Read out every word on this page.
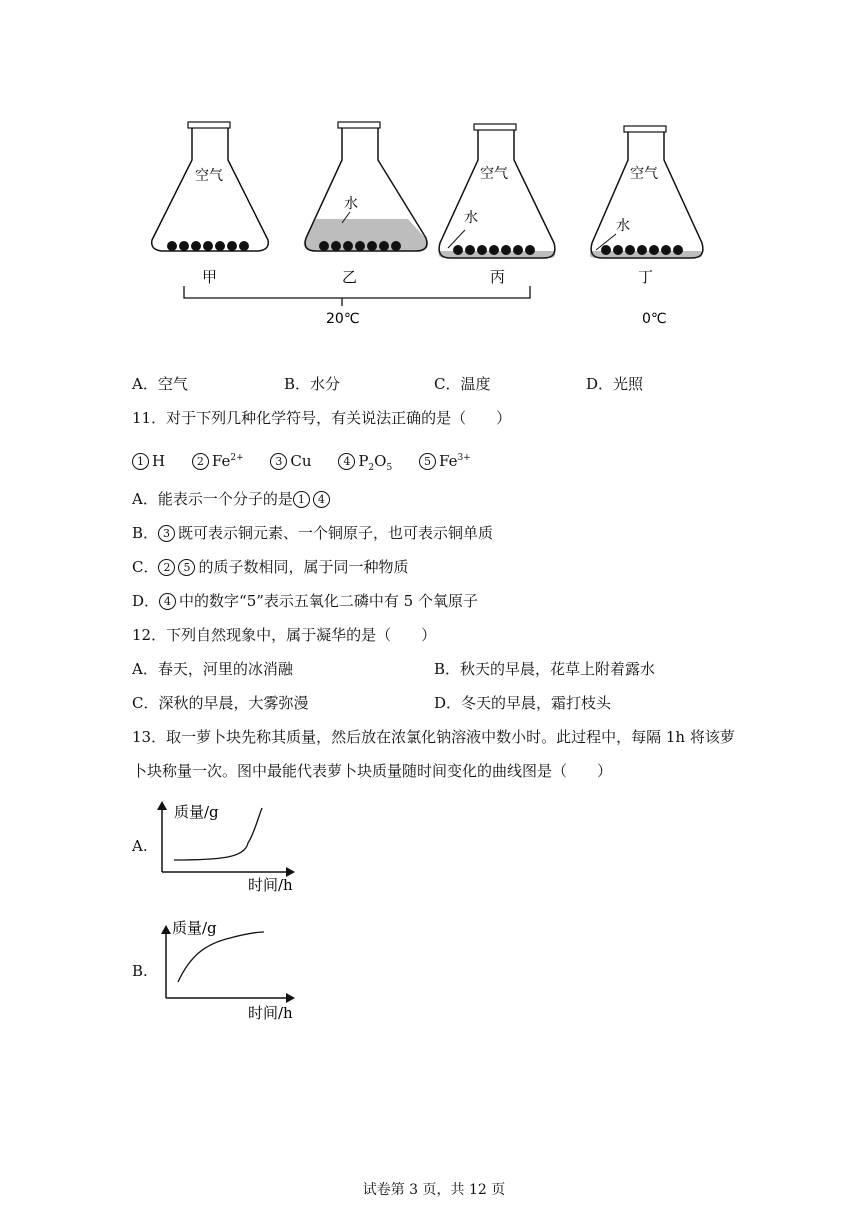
空气
甲
水
乙
空气
水
丙
空气
水
丁
20℃	0℃
A．空气	B．水分	C．温度	D．光照
11．对于下列几种化学符号，有关说法正确的是（　　）
1 H	2 $Fe^{2+}$	3 Cu	4 $P_2O_5$	5 $Fe^{3+}$
A．能表示一个分子的是 1 4
B． 3 既可表示铜元素、一个铜原子，也可表示铜单质
C． 2 5 的质子数相同，属于同一种物质
D． 4 中的数字“5”表示五氧化二磷中有 5 个氧原子
12．下列自然现象中，属于凝华的是（　　）
A．春天，河里的冰消融	B．秋天的早晨，花草上附着露水
C．深秋的早晨，大雾弥漫	D．冬天的早晨，霜打枝头
13．取一萝卜块先称其质量，然后放在浓氯化钠溶液中数小时。此过程中，每隔 1h 将该萝
卜块称量一次。图中最能代表萝卜块质量随时间变化的曲线图是（　　）
A.
质量/g
时间/h
B.
质量/g
时间/h
试卷第 3 页，共 12 页
